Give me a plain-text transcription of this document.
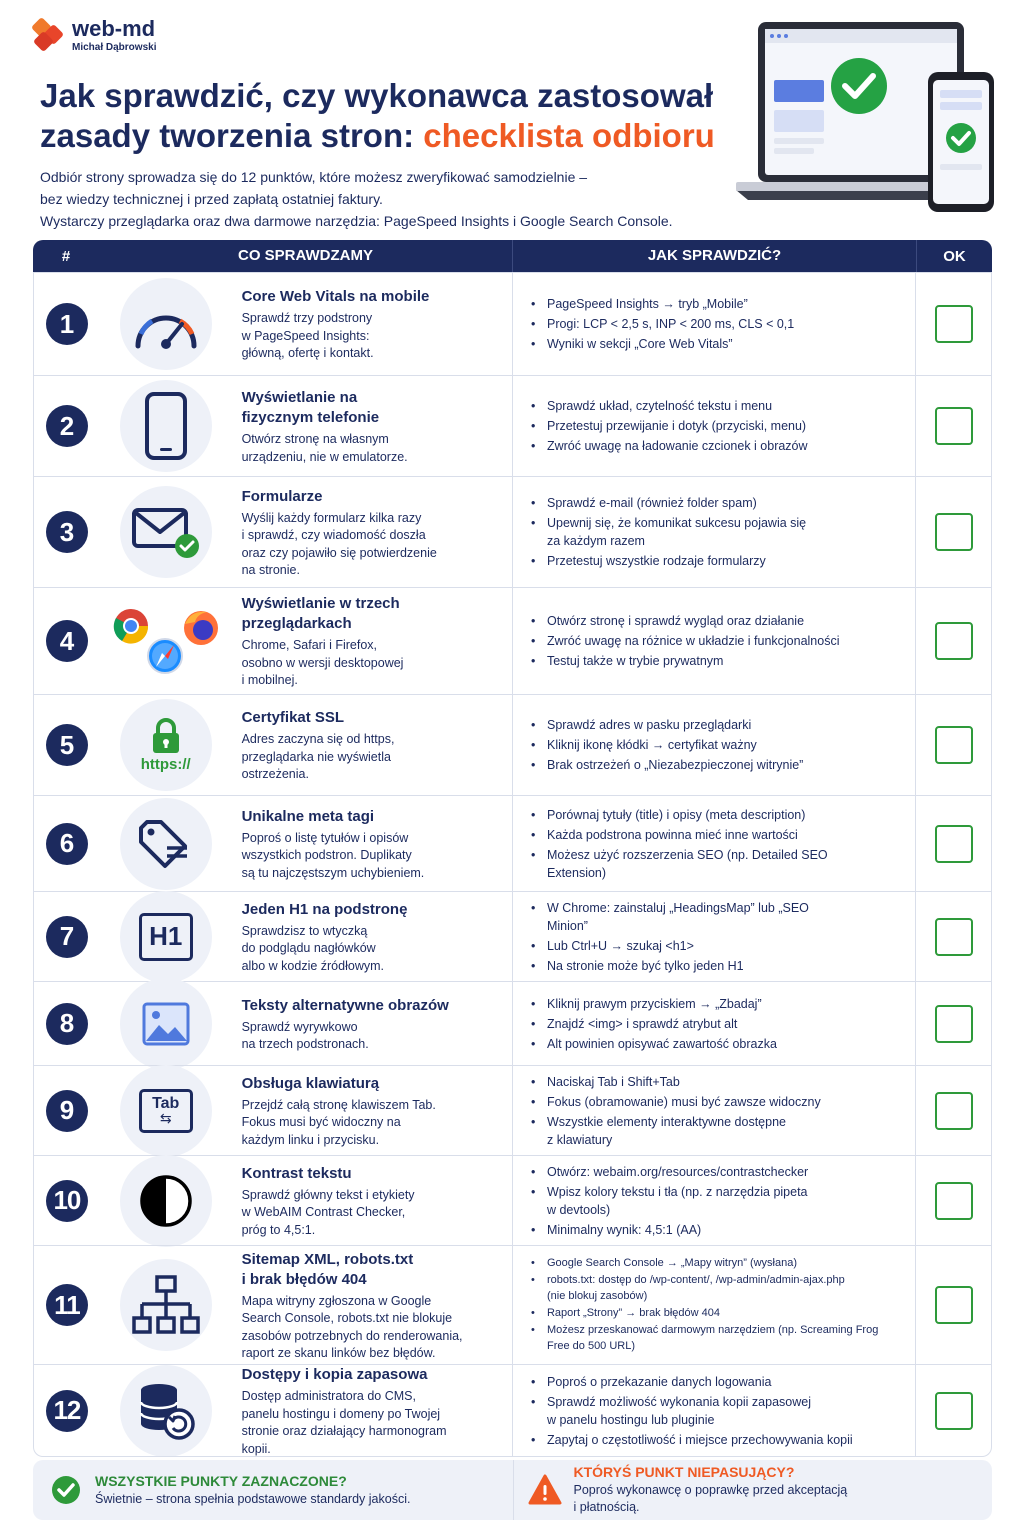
web-md
Michał Dąbrowski
Jak sprawdzić, czy wykonawca zastosował
zasady tworzenia stron: checklista odbioru
Odbiór strony sprowadza się do 12 punktów, które możesz zweryfikować samodzielnie –
bez wiedzy technicznej i przed zapłatą ostatniej faktury.
Wystarczy przeglądarka oraz dwa darmowe narzędzia: PageSpeed Insights i Google Search Console.
#	CO SPRAWDZAMY	JAK SPRAWDZIĆ?	OK
1
Core Web Vitals na mobile
Sprawdź trzy podstrony
w PageSpeed Insights:
główną, ofertę i kontakt.
• PageSpeed Insights → tryb „Mobile”
• Progi: LCP < 2,5 s, INP < 200 ms, CLS < 0,1
• Wyniki w sekcji „Core Web Vitals”
2
Wyświetlanie na
fizycznym telefonie
Otwórz stronę na własnym
urządzeniu, nie w emulatorze.
• Sprawdź układ, czytelność tekstu i menu
• Przetestuj przewijanie i dotyk (przyciski, menu)
• Zwróć uwagę na ładowanie czcionek i obrazów
3
Formularze
Wyślij każdy formularz kilka razy
i sprawdź, czy wiadomość doszła
oraz czy pojawiło się potwierdzenie
na stronie.
• Sprawdź e-mail (również folder spam)
• Upewnij się, że komunikat sukcesu pojawia się
za każdym razem
• Przetestuj wszystkie rodzaje formularzy
4
Wyświetlanie w trzech
przeglądarkach
Chrome, Safari i Firefox,
osobno w wersji desktopowej
i mobilnej.
• Otwórz stronę i sprawdź wygląd oraz działanie
• Zwróć uwagę na różnice w układzie i funkcjonalności
• Testuj także w trybie prywatnym
5
https://
Certyfikat SSL
Adres zaczyna się od https,
przeglądarka nie wyświetla
ostrzeżenia.
• Sprawdź adres w pasku przeglądarki
• Kliknij ikonę kłódki → certyfikat ważny
• Brak ostrzeżeń o „Niezabezpieczonej witrynie”
6
Unikalne meta tagi
Poproś o listę tytułów i opisów
wszystkich podstron. Duplikaty
są tu najczęstszym uchybieniem.
• Porównaj tytuły (title) i opisy (meta description)
• Każda podstrona powinna mieć inne wartości
• Możesz użyć rozszerzenia SEO (np. Detailed SEO
Extension)
7	H1
Jeden H1 na podstronę
Sprawdzisz to wtyczką
do podglądu nagłówków
albo w kodzie źródłowym.
• W Chrome: zainstaluj „HeadingsMap” lub „SEO
Minion”
• Lub Ctrl+U → szukaj <h1>
• Na stronie może być tylko jeden H1
8
Teksty alternatywne obrazów
Sprawdź wyrywkowo
na trzech podstronach.
• Kliknij prawym przyciskiem → „Zbadaj”
• Znajdź <img> i sprawdź atrybut alt
• Alt powinien opisywać zawartość obrazka
9	Tab
⇆
Obsługa klawiaturą
Przejdź całą stronę klawiszem Tab.
Fokus musi być widoczny na
każdym linku i przycisku.
• Naciskaj Tab i Shift+Tab
• Fokus (obramowanie) musi być zawsze widoczny
• Wszystkie elementy interaktywne dostępne
z klawiatury
10
Kontrast tekstu
Sprawdź główny tekst i etykiety
w WebAIM Contrast Checker,
próg to 4,5:1.
• Otwórz: webaim.org/resources/contrastchecker
• Wpisz kolory tekstu i tła (np. z narzędzia pipeta
w devtools)
• Minimalny wynik: 4,5:1 (AA)
11
Sitemap XML, robots.txt
i brak błędów 404
Mapa witryny zgłoszona w Google
Search Console, robots.txt nie blokuje
zasobów potrzebnych do renderowania,
raport ze skanu linków bez błędów.
• Google Search Console → „Mapy witryn” (wysłana)
• robots.txt: dostęp do /wp-content/, /wp-admin/admin-ajax.php
(nie blokuj zasobów)
• Raport „Strony” → brak błędów 404
• Możesz przeskanować darmowym narzędziem (np. Screaming Frog
Free do 500 URL)
12
Dostępy i kopia zapasowa
Dostęp administratora do CMS,
panelu hostingu i domeny po Twojej
stronie oraz działający harmonogram
kopii.
• Poproś o przekazanie danych logowania
• Sprawdź możliwość wykonania kopii zapasowej
w panelu hostingu lub pluginie
• Zapytaj o częstotliwość i miejsce przechowywania kopii
WSZYSTKIE PUNKTY ZAZNACZONE?
Świetnie – strona spełnia podstawowe standardy jakości.
KTÓRYŚ PUNKT NIEPASUJĄCY?
Poproś wykonawcę o poprawkę przed akceptacją
i płatnością.
